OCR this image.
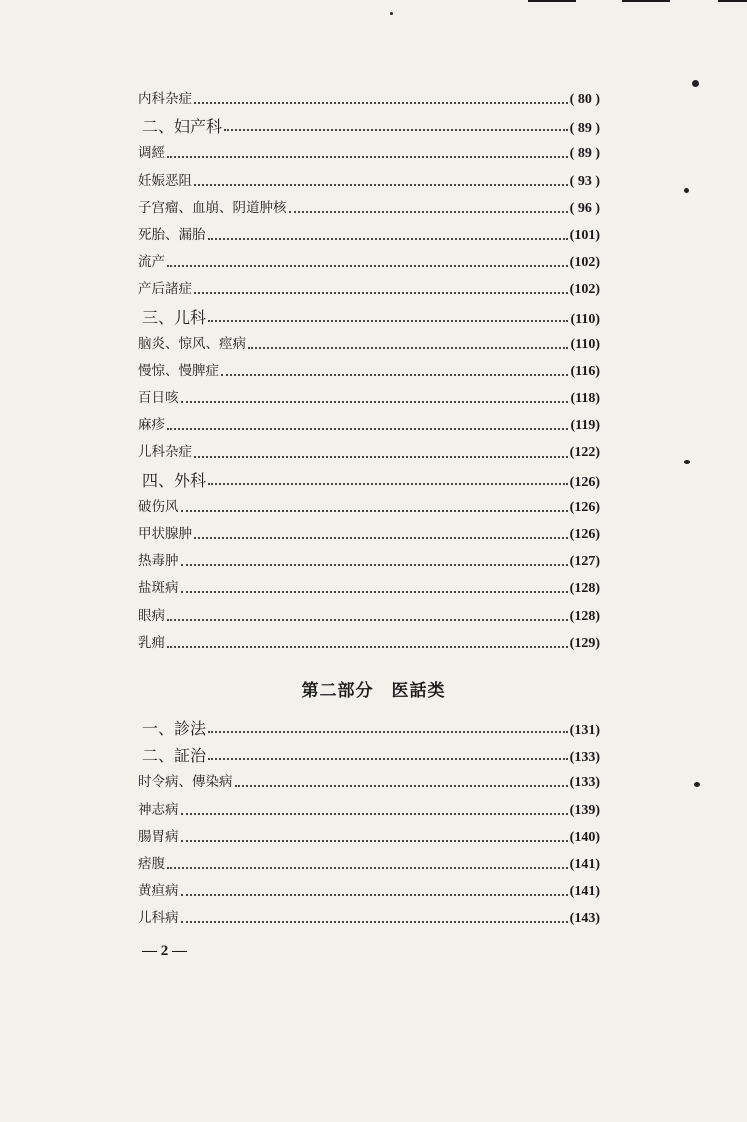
内科杂症	( 80 )
二、妇产科	( 89 )
调經	( 89 )
妊娠恶阻	( 93 )
子宫瘤、血崩、阴道肿核	( 96 )
死胎、漏胎	(101)
流产	(102)
产后諸症	(102)
三、儿科	(110)
脑炎、惊风、痙病	(110)
慢惊、慢脾症	(116)
百日咳	(118)
麻疹	(119)
儿科杂症	(122)
四、外科	(126)
破伤风	(126)
甲状腺肿	(126)
热毒肿	(127)
盐斑病	(128)
眼病	(128)
乳痈	(129)
第二部分　医話类
一、診法	(131)
二、証治	(133)
时令病、傳染病	(133)
神志病	(139)
腸胃病	(140)
痞腹	(141)
黄疸病	(141)
儿科病	(143)
— 2 —
